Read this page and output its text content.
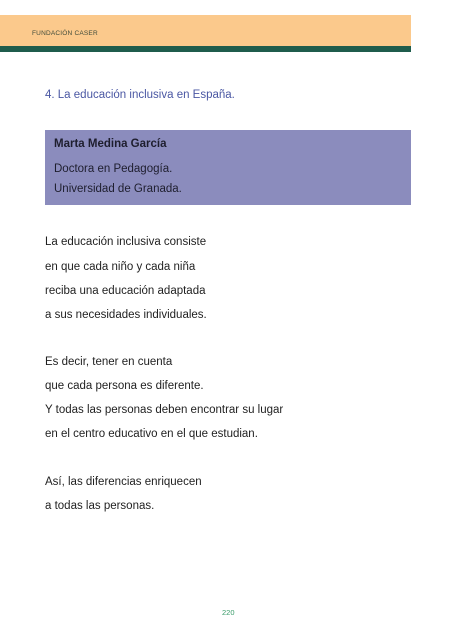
FUNDACIÓN CASER
4. La educación inclusiva en España.
Marta Medina García
Doctora en Pedagogía.
Universidad de Granada.
La educación inclusiva consiste
en que cada niño y cada niña
reciba una educación adaptada
a sus necesidades individuales.
Es decir, tener en cuenta
que cada persona es diferente.
Y todas las personas deben encontrar su lugar
en el centro educativo en el que estudian.
Así, las diferencias enriquecen
a todas las personas.
220
